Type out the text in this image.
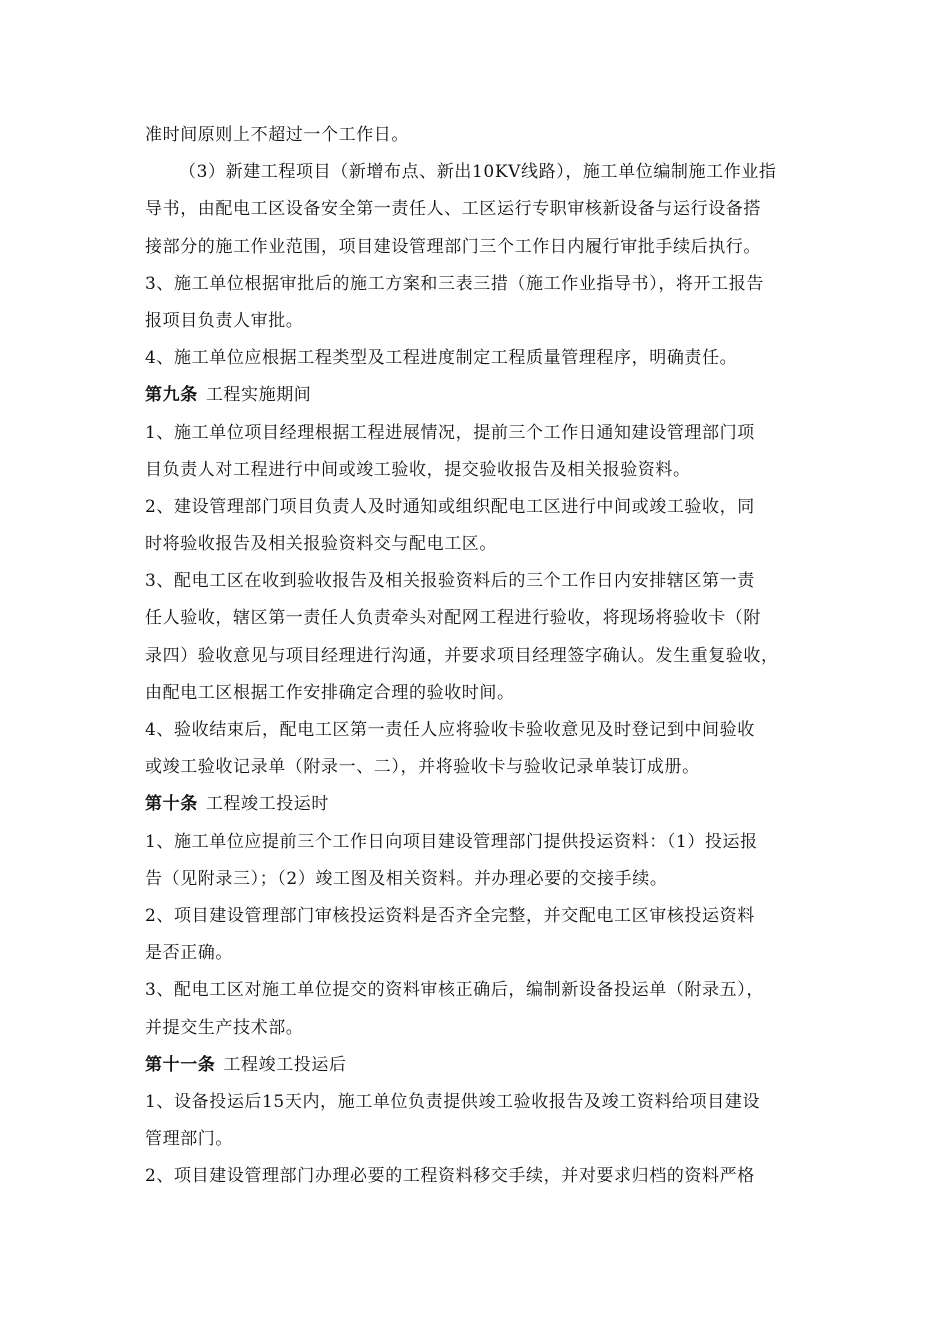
准时间原则上不超过一个工作日。
（3）新建工程项目（新增布点、新出10KV线路），施工单位编制施工作业指
导书，由配电工区设备安全第一责任人、工区运行专职审核新设备与运行设备搭
接部分的施工作业范围，项目建设管理部门三个工作日内履行审批手续后执行。
3、施工单位根据审批后的施工方案和三表三措（施工作业指导书），将开工报告
报项目负责人审批。
4、施工单位应根据工程类型及工程进度制定工程质量管理程序，明确责任。
第九条 工程实施期间
1、施工单位项目经理根据工程进展情况，提前三个工作日通知建设管理部门项
目负责人对工程进行中间或竣工验收，提交验收报告及相关报验资料。
2、建设管理部门项目负责人及时通知或组织配电工区进行中间或竣工验收，同
时将验收报告及相关报验资料交与配电工区。
3、配电工区在收到验收报告及相关报验资料后的三个工作日内安排辖区第一责
任人验收，辖区第一责任人负责牵头对配网工程进行验收，将现场将验收卡（附
录四）验收意见与项目经理进行沟通，并要求项目经理签字确认。发生重复验收，
由配电工区根据工作安排确定合理的验收时间。
4、验收结束后，配电工区第一责任人应将验收卡验收意见及时登记到中间验收
或竣工验收记录单（附录一、二），并将验收卡与验收记录单装订成册。
第十条 工程竣工投运时
1、施工单位应提前三个工作日向项目建设管理部门提供投运资料：（1）投运报
告（见附录三）；（2）竣工图及相关资料。并办理必要的交接手续。
2、项目建设管理部门审核投运资料是否齐全完整，并交配电工区审核投运资料
是否正确。
3、配电工区对施工单位提交的资料审核正确后，编制新设备投运单（附录五），
并提交生产技术部。
第十一条 工程竣工投运后
1、设备投运后15天内，施工单位负责提供竣工验收报告及竣工资料给项目建设
管理部门。
2、项目建设管理部门办理必要的工程资料移交手续，并对要求归档的资料严格
